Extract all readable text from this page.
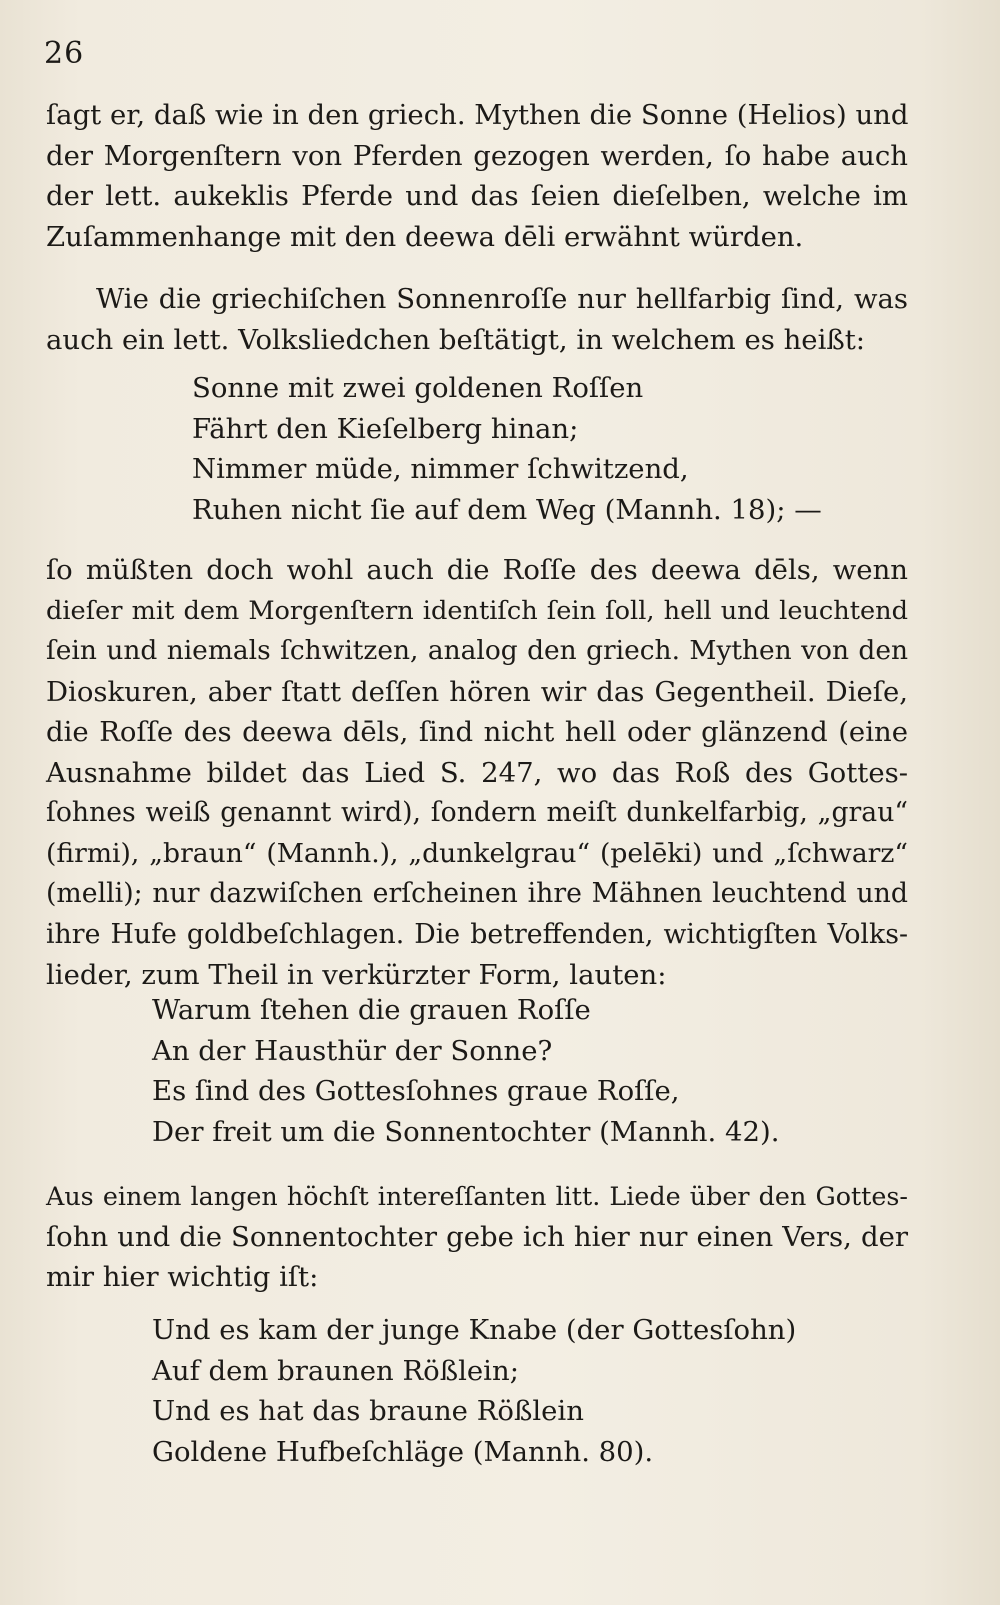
26
ſagt er, daß wie in den griech. Mythen die Sonne (Helios) und
der Morgenſtern von Pferden gezogen werden, ſo habe auch
der lett. aukeklis Pferde und das ſeien dieſelben, welche im
Zuſammenhange mit den deewa dēli erwähnt würden.
Wie die griechiſchen Sonnenroſſe nur hellfarbig ſind, was
auch ein lett. Volksliedchen beſtätigt, in welchem es heißt:
Sonne mit zwei goldenen Roſſen
Fährt den Kieſelberg hinan;
Nimmer müde, nimmer ſchwitzend,
Ruhen nicht ſie auf dem Weg (Mannh. 18); —
ſo müßten doch wohl auch die Roſſe des deewa dēls, wenn
dieſer mit dem Morgenſtern identiſch ſein ſoll, hell und leuchtend
ſein und niemals ſchwitzen, analog den griech. Mythen von den
Dioskuren, aber ſtatt deſſen hören wir das Gegentheil. Dieſe,
die Roſſe des deewa dēls, ſind nicht hell oder glänzend (eine
Ausnahme bildet das Lied S. 247, wo das Roß des Gottes-
ſohnes weiß genannt wird), ſondern meiſt dunkelfarbig, „grau“
(firmi), „braun“ (Mannh.), „dunkelgrau“ (pelēki) und „ſchwarz“
(melli); nur dazwiſchen erſcheinen ihre Mähnen leuchtend und
ihre Hufe goldbeſchlagen. Die betreffenden, wichtigſten Volks-
lieder, zum Theil in verkürzter Form, lauten:
Warum ſtehen die grauen Roſſe
An der Hausthür der Sonne?
Es ſind des Gottesſohnes graue Roſſe,
Der freit um die Sonnentochter (Mannh. 42).
Aus einem langen höchſt intereſſanten litt. Liede über den Gottes-
ſohn und die Sonnentochter gebe ich hier nur einen Vers, der
mir hier wichtig iſt:
Und es kam der junge Knabe (der Gottesſohn)
Auf dem braunen Rößlein;
Und es hat das braune Rößlein
Goldene Hufbeſchläge (Mannh. 80).
